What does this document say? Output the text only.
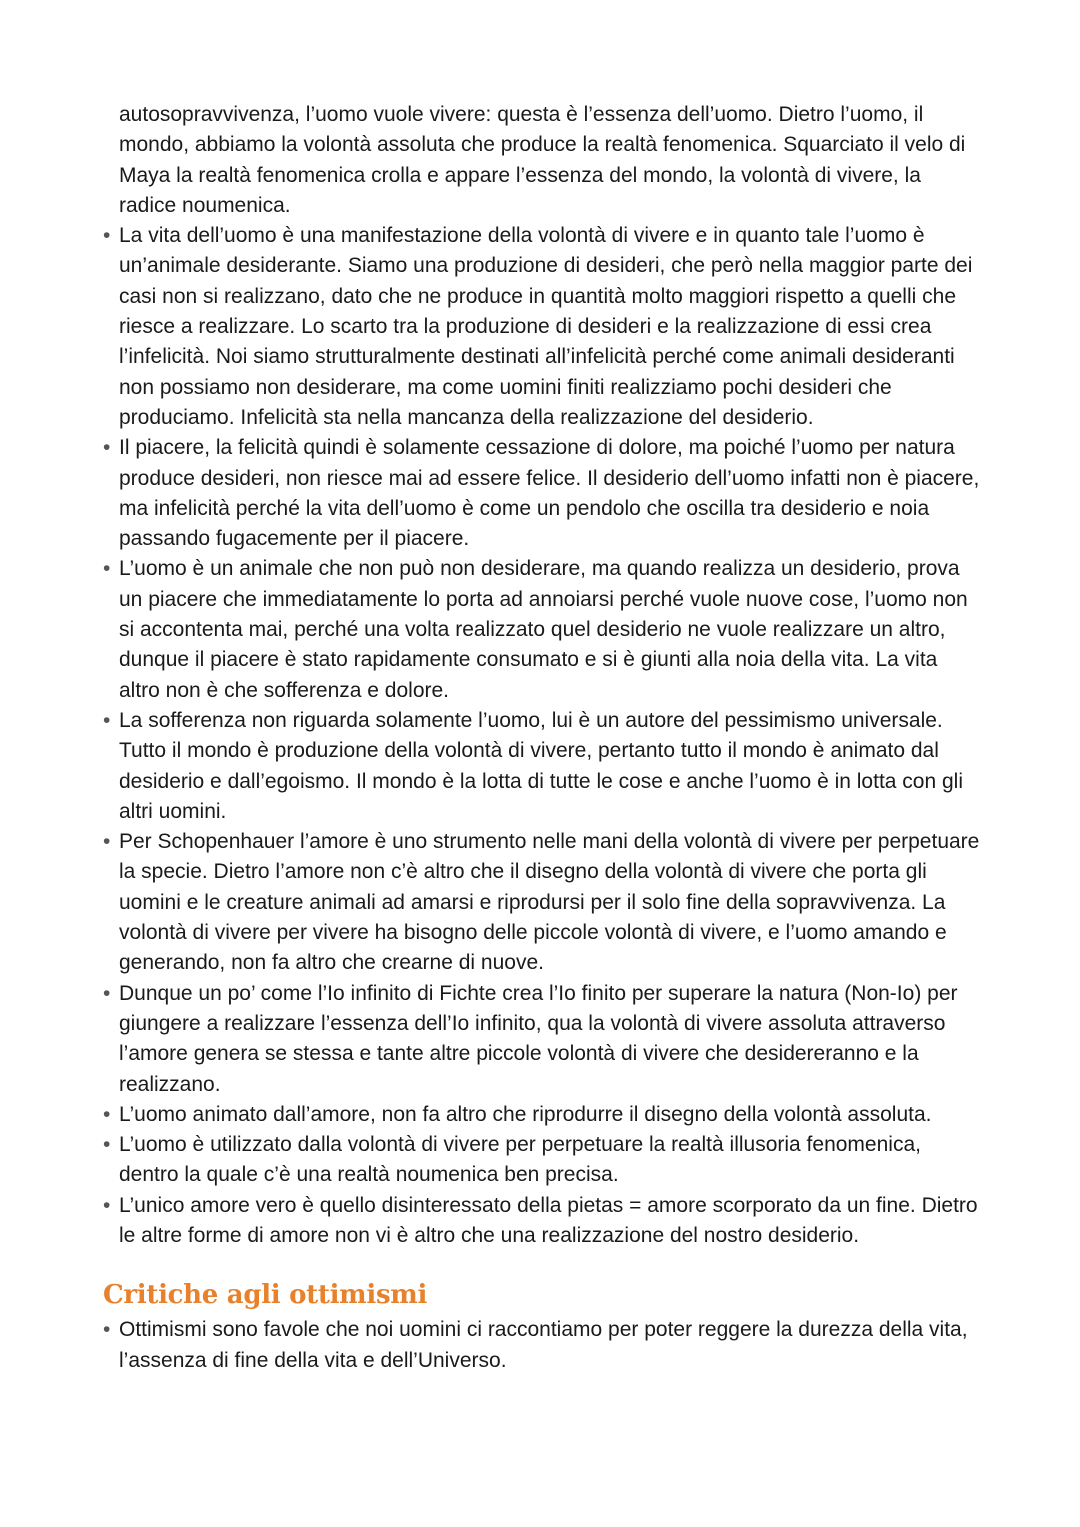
autosopravvivenza, l’uomo vuole vivere: questa è l’essenza dell’uomo. Dietro l’uomo, il mondo, abbiamo la volontà assoluta che produce la realtà fenomenica. Squarciato il velo di Maya la realtà fenomenica crolla e appare l’essenza del mondo, la volontà di vivere, la radice noumenica.

• La vita dell’uomo è una manifestazione della volontà di vivere e in quanto tale l’uomo è un’animale desiderante. Siamo una produzione di desideri, che però nella maggior parte dei casi non si realizzano, dato che ne produce in quantità molto maggiori rispetto a quelli che riesce a realizzare. Lo scarto tra la produzione di desideri e la realizzazione di essi crea l’infelicità. Noi siamo strutturalmente destinati all’infelicità perché come animali desideranti non possiamo non desiderare, ma come uomini finiti realizziamo pochi desideri che produciamo. Infelicità sta nella mancanza della realizzazione del desiderio.
• Il piacere, la felicità quindi è solamente cessazione di dolore, ma poiché l’uomo per natura produce desideri, non riesce mai ad essere felice. Il desiderio dell’uomo infatti non è piacere, ma infelicità perché la vita dell’uomo è come un pendolo che oscilla tra desiderio e noia passando fugacemente per il piacere.
• L’uomo è un animale che non può non desiderare, ma quando realizza un desiderio, prova un piacere che immediatamente lo porta ad annoiarsi perché vuole nuove cose, l’uomo non si accontenta mai, perché una volta realizzato quel desiderio ne vuole realizzare un altro, dunque il piacere è stato rapidamente consumato e si è giunti alla noia della vita. La vita altro non è che sofferenza e dolore.
• La sofferenza non riguarda solamente l’uomo, lui è un autore del pessimismo universale. Tutto il mondo è produzione della volontà di vivere, pertanto tutto il mondo è animato dal desiderio e dall’egoismo. Il mondo è la lotta di tutte le cose e anche l’uomo è in lotta con gli altri uomini.
• Per Schopenhauer l’amore è uno strumento nelle mani della volontà di vivere per perpetuare la specie. Dietro l’amore non c’è altro che il disegno della volontà di vivere che porta gli uomini e le creature animali ad amarsi e riprodursi per il solo fine della sopravvivenza. La volontà di vivere per vivere ha bisogno delle piccole volontà di vivere, e l’uomo amando e generando, non fa altro che crearne di nuove.
• Dunque un po’ come l’Io infinito di Fichte crea l’Io finito per superare la natura (Non-Io) per giungere a realizzare l’essenza dell’Io infinito, qua la volontà di vivere assoluta attraverso l’amore genera se stessa e tante altre piccole volontà di vivere che desidereranno e la realizzano.
• L’uomo animato dall’amore, non fa altro che riprodurre il disegno della volontà assoluta.
• L’uomo è utilizzato dalla volontà di vivere per perpetuare la realtà illusoria fenomenica, dentro la quale c’è una realtà noumenica ben precisa.
• L’unico amore vero è quello disinteressato della pietas = amore scorporato da un fine. Dietro le altre forme di amore non vi è altro che una realizzazione del nostro desiderio.
Critiche agli ottimismi
• Ottimismi sono favole che noi uomini ci raccontiamo per poter reggere la durezza della vita, l’assenza di fine della vita e dell’Universo.
